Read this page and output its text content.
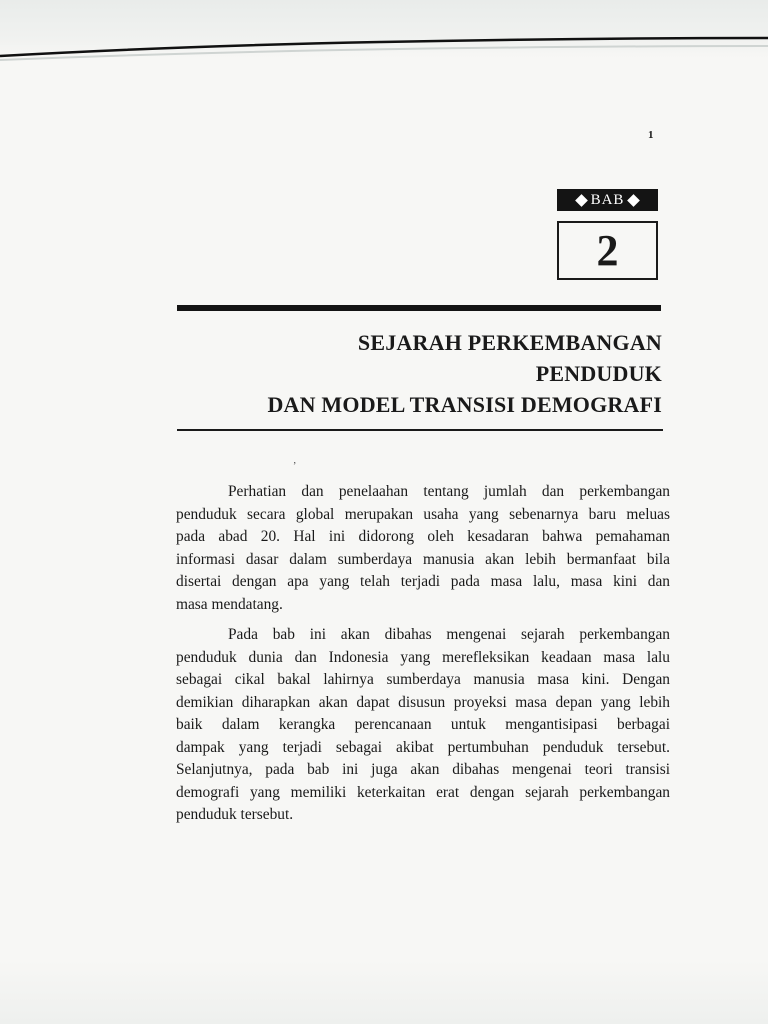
1
BAB
2
SEJARAH PERKEMBANGAN
PENDUDUK
DAN MODEL TRANSISI DEMOGRAFI
ʼ
Perhatian dan penelaahan tentang jumlah dan perkembangan
penduduk secara global merupakan usaha yang sebenarnya baru meluas
pada abad 20. Hal ini didorong oleh kesadaran bahwa pemahaman
informasi dasar dalam sumberdaya manusia akan lebih bermanfaat bila
disertai dengan apa yang telah terjadi pada masa lalu, masa kini dan
masa mendatang.
Pada bab ini akan dibahas mengenai sejarah perkembangan
penduduk dunia dan Indonesia yang merefleksikan keadaan masa lalu
sebagai cikal bakal lahirnya sumberdaya manusia masa kini. Dengan
demikian diharapkan akan dapat disusun proyeksi masa depan yang lebih
baik dalam kerangka perencanaan untuk mengantisipasi berbagai
dampak yang terjadi sebagai akibat pertumbuhan penduduk tersebut.
Selanjutnya, pada bab ini juga akan dibahas mengenai teori transisi
demografi yang memiliki keterkaitan erat dengan sejarah perkembangan
penduduk tersebut.
